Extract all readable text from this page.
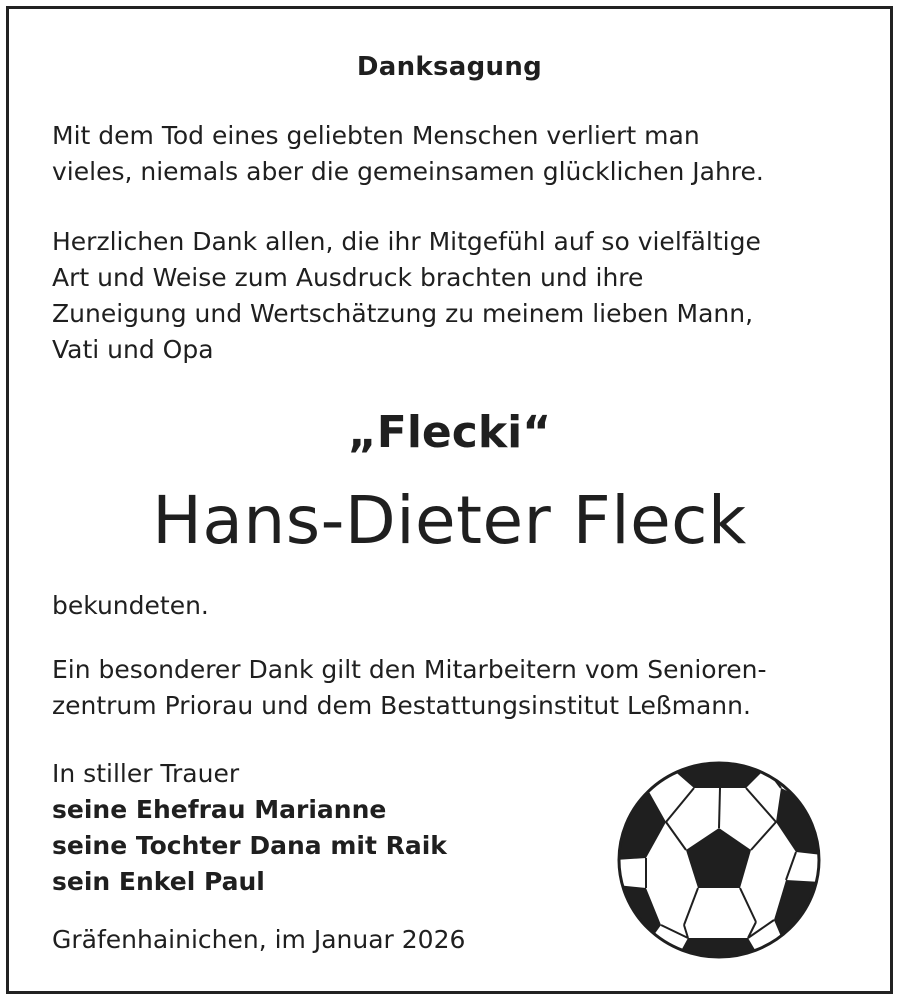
Danksagung

Mit dem Tod eines geliebten Menschen verliert man
vieles, niemals aber die gemeinsamen glücklichen Jahre.

Herzlichen Dank allen, die ihr Mitgefühl auf so vielfältige
Art und Weise zum Ausdruck brachten und ihre
Zuneigung und Wertschätzung zu meinem lieben Mann,
Vati und Opa

„Flecki“
Hans-Dieter Fleck

bekundeten.

Ein besonderer Dank gilt den Mitarbeitern vom Senioren-
zentrum Priorau und dem Bestattungsinstitut Leßmann.

In stiller Trauer
seine Ehefrau Marianne
seine Tochter Dana mit Raik
sein Enkel Paul

Gräfenhainichen, im Januar 2026
